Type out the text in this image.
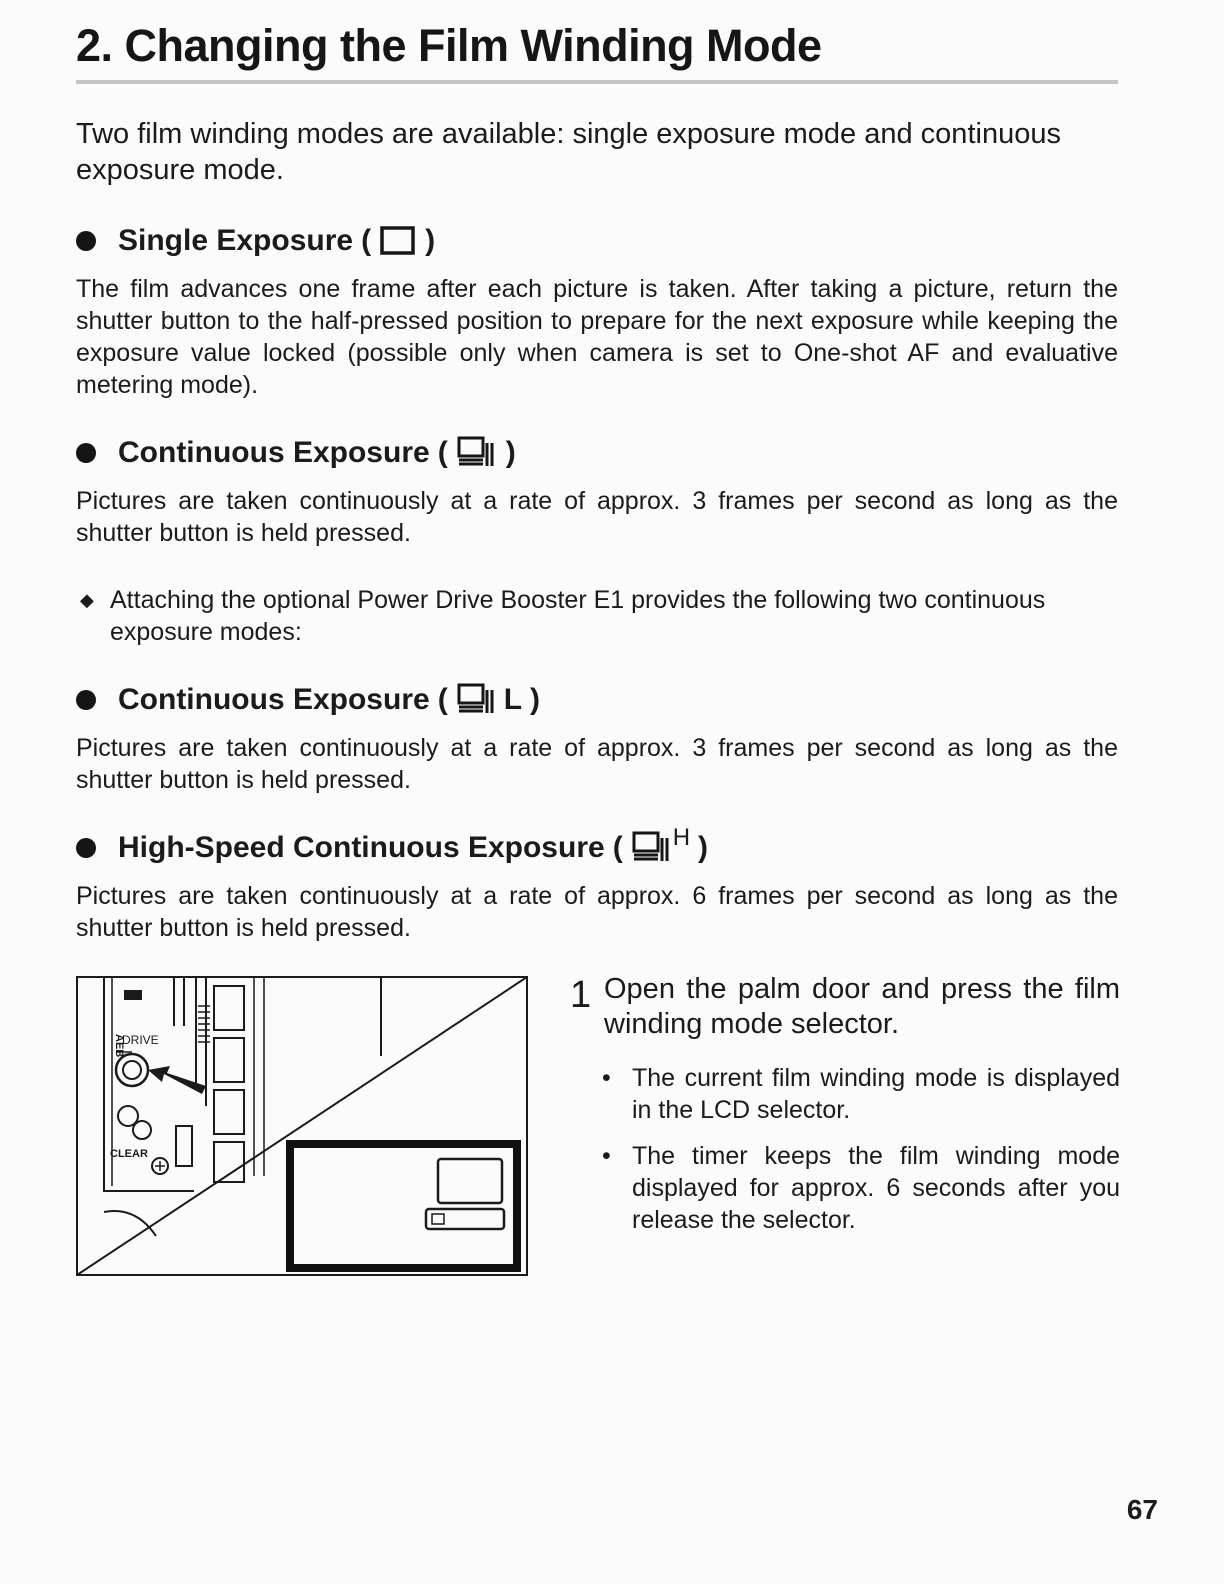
2. Changing the Film Winding Mode

Two film winding modes are available: single exposure mode and continuous exposure mode.

Single Exposure ( )

The film advances one frame after each picture is taken. After taking a picture, return the shutter button to the half-pressed position to prepare for the next exposure while keeping the exposure value locked (possible only when camera is set to One-shot AF and evaluative metering mode).

Continuous Exposure ( )

Pictures are taken continuously at a rate of approx. 3 frames per second as long as the shutter button is held pressed.

◆ Attaching the optional Power Drive Booster E1 provides the following two continuous exposure modes:
Continuous Exposure ( L )

Pictures are taken continuously at a rate of approx. 3 frames per second as long as the shutter button is held pressed.

High-Speed Continuous Exposure ( H )

Pictures are taken continuously at a rate of approx. 6 frames per second as long as the shutter button is held pressed.

AEB
DRIVE
CLEAR
1 Open the palm door and press the film winding mode selector.

• The current film winding mode is displayed in the LCD selector.
• The timer keeps the film winding mode displayed for approx. 6 seconds after you release the selector.
67
